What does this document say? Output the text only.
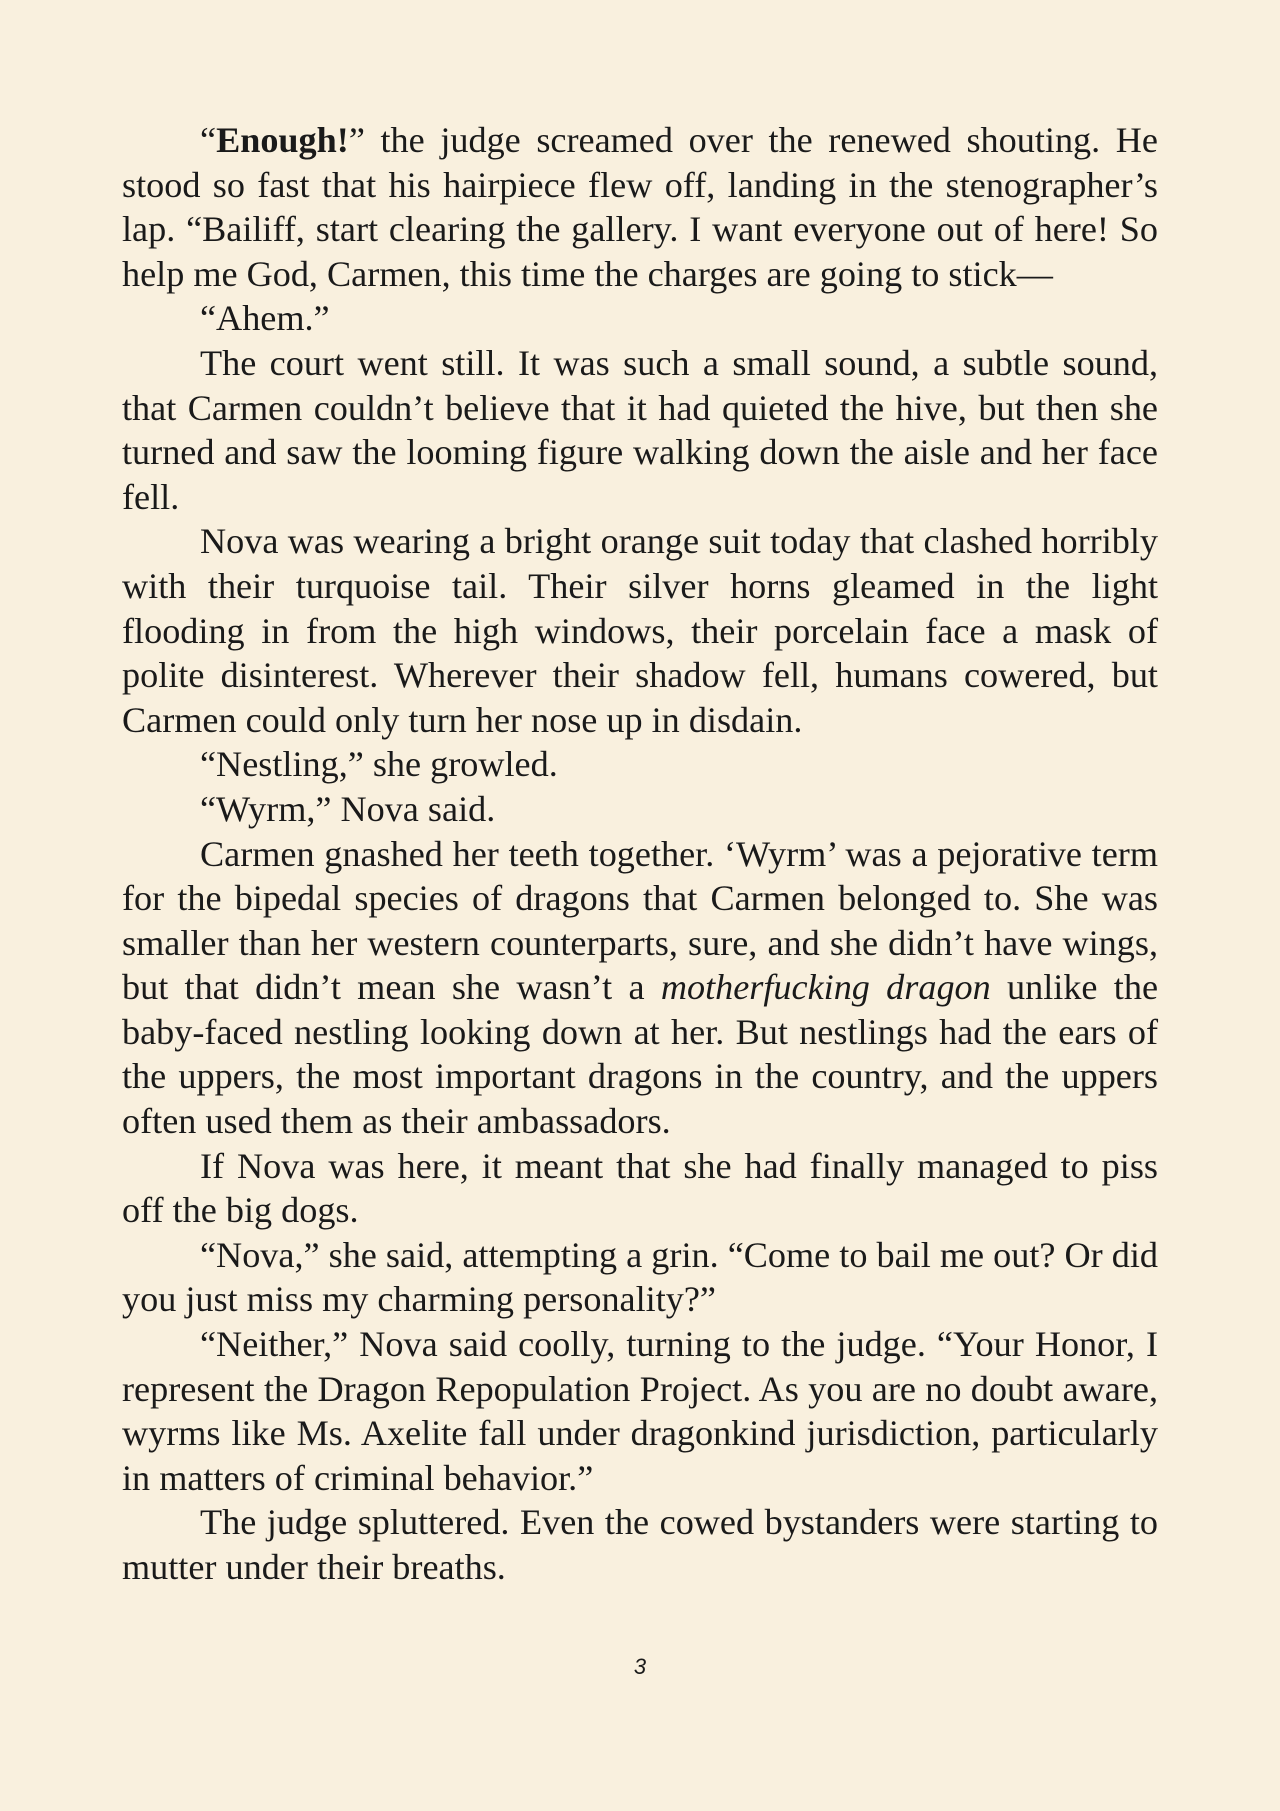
“Enough!” the judge screamed over the renewed shouting. He stood so fast that his hairpiece flew off, landing in the stenographer’s lap. “Bailiff, start clearing the gallery. I want everyone out of here! So help me God, Carmen, this time the charges are going to stick—

“Ahem.”

The court went still. It was such a small sound, a subtle sound, that Carmen couldn’t believe that it had quieted the hive, but then she turned and saw the looming figure walking down the aisle and her face fell.

Nova was wearing a bright orange suit today that clashed horribly with their turquoise tail. Their silver horns gleamed in the light flooding in from the high windows, their porcelain face a mask of polite disinterest. Wherever their shadow fell, humans cowered, but Carmen could only turn her nose up in disdain.

“Nestling,” she growled.

“Wyrm,” Nova said.

Carmen gnashed her teeth together. ‘Wyrm’ was a pejorative term for the bipedal species of dragons that Carmen belonged to. She was smaller than her western counterparts, sure, and she didn’t have wings, but that didn’t mean she wasn’t a motherfucking dragon unlike the baby-faced nestling looking down at her. But nestlings had the ears of the uppers, the most important dragons in the country, and the uppers often used them as their ambassadors.

If Nova was here, it meant that she had finally managed to piss off the big dogs.

“Nova,” she said, attempting a grin. “Come to bail me out? Or did you just miss my charming personality?”

“Neither,” Nova said coolly, turning to the judge. “Your Honor, I represent the Dragon Repopulation Project. As you are no doubt aware, wyrms like Ms. Axelite fall under dragonkind jurisdiction, particularly in matters of criminal behavior.”

The judge spluttered. Even the cowed bystanders were starting to mutter under their breaths.

3
